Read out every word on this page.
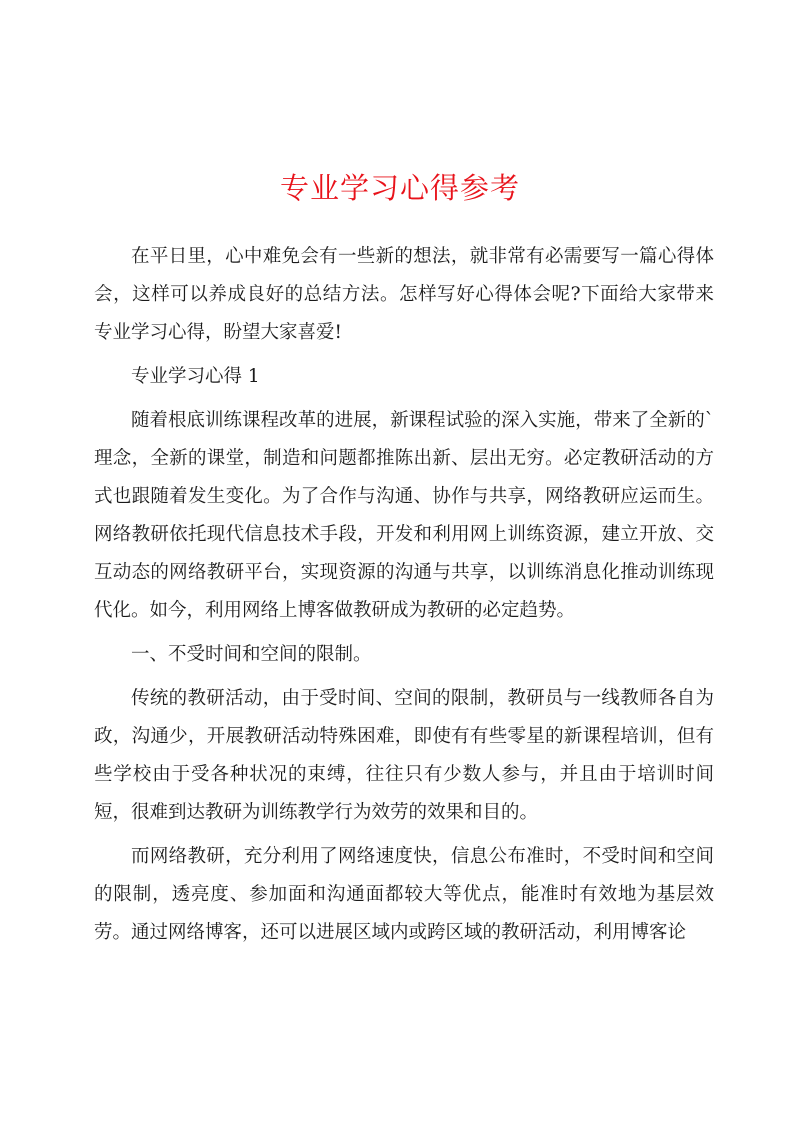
专业学习心得参考

在平日里，心中难免会有一些新的想法，就非常有必需要写一篇心得体会，这样可以养成良好的总结方法。怎样写好心得体会呢?下面给大家带来专业学习心得，盼望大家喜爱!

专业学习心得 1

随着根底训练课程改革的进展，新课程试验的深入实施，带来了全新的`理念，全新的课堂，制造和问题都推陈出新、层出无穷。必定教研活动的方式也跟随着发生变化。为了合作与沟通、协作与共享，网络教研应运而生。网络教研依托现代信息技术手段，开发和利用网上训练资源，建立开放、交互动态的网络教研平台，实现资源的沟通与共享，以训练消息化推动训练现代化。如今，利用网络上博客做教研成为教研的必定趋势。

一、不受时间和空间的限制。

传统的教研活动，由于受时间、空间的限制，教研员与一线教师各自为政，沟通少，开展教研活动特殊困难，即使有有些零星的新课程培训，但有些学校由于受各种状况的束缚，往往只有少数人参与，并且由于培训时间短，很难到达教研为训练教学行为效劳的效果和目的。

而网络教研，充分利用了网络速度快，信息公布准时，不受时间和空间的限制，透亮度、参加面和沟通面都较大等优点，能准时有效地为基层效劳。通过网络博客，还可以进展区域内或跨区域的教研活动，利用博客论
